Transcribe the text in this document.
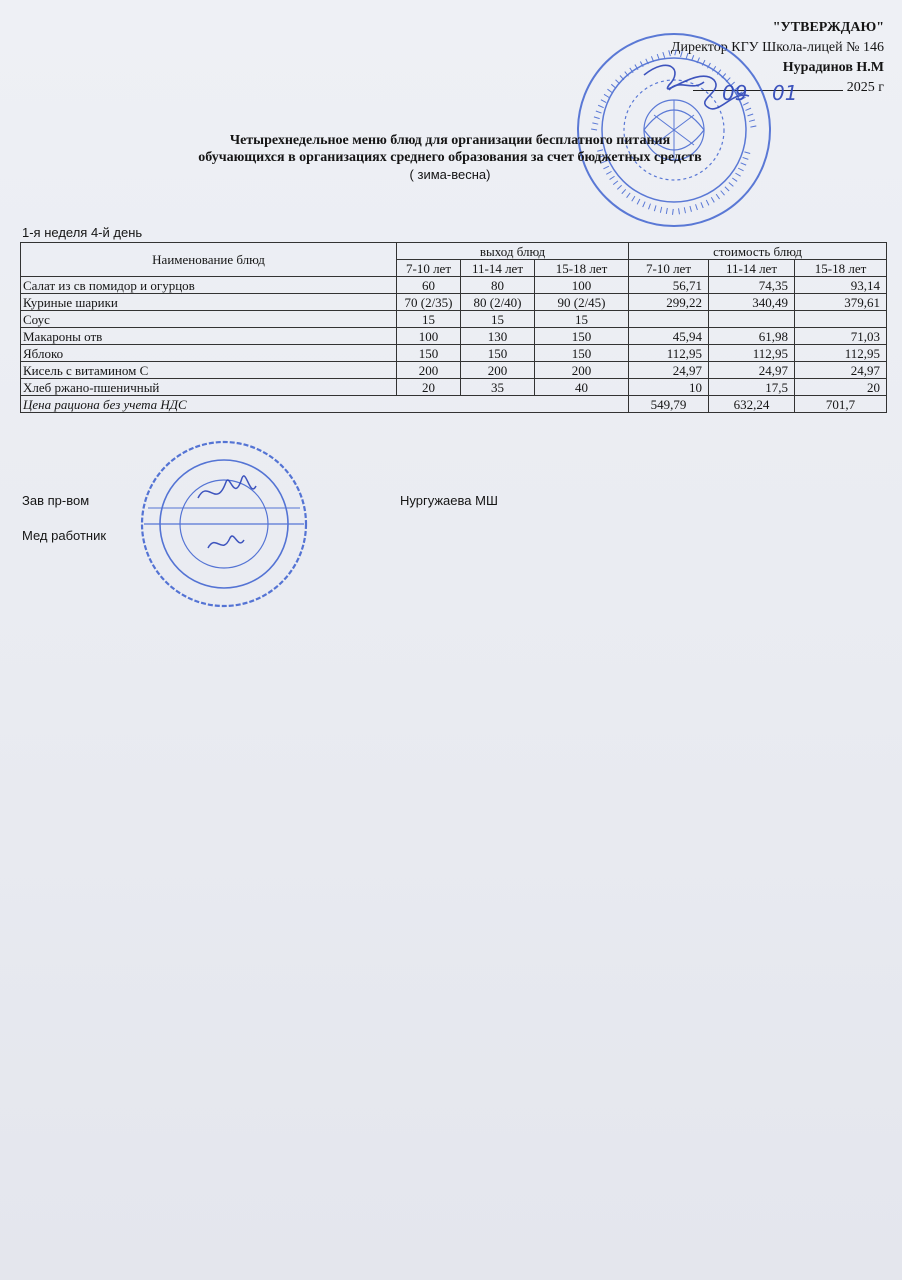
"УТВЕРЖДАЮ"
Директор КГУ Школа-лицей № 146
Нурадинов Н.М
2025 г
09 01
Четырехнедельное меню блюд для организации бесплатного питания
обучающихся в организациях среднего образования за счет бюджетных средств
( зима-весна)
1-я неделя 4-й день
Наименование блюд	выход блюд			стоимость блюд		
	7-10 лет	11-14 лет	15-18 лет	7-10 лет	11-14 лет	15-18 лет
Салат из св помидор и огурцов	60	80	100	56,71	74,35	93,14
Куриные шарики	70 (2/35)	80 (2/40)	90 (2/45)	299,22	340,49	379,61
Соус	15	15	15			
Макароны отв	100	130	150	45,94	61,98	71,03
Яблоко	150	150	150	112,95	112,95	112,95
Кисель с витамином С	200	200	200	24,97	24,97	24,97
Хлеб ржано-пшеничный	20	35	40	10	17,5	20
Цена рациона без учета НДС				549,79	632,24	701,7
Зав пр-вом	Нургужаева МШ
Мед работник
